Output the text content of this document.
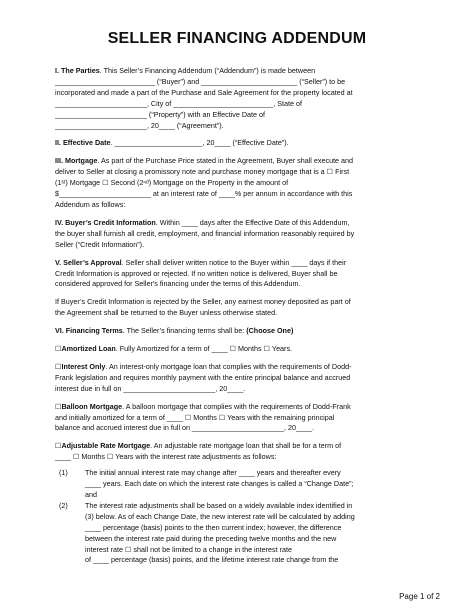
SELLER FINANCING ADDENDUM
I. The Parties. This Seller’s Financing Addendum (“Addendum”) is made between
_________________________ (“Buyer”) and ________________________ (“Seller”) to be
incorporated and made a part of the Purchase and Sale Agreement for the property located at
_______________________, City of _________________________, State of
_______________________ (“Property”) with an Effective Date of
_______________________, 20____ (“Agreement”).
II. Effective Date. ______________________, 20____ (“Effective Date”).
III. Mortgage. As part of the Purchase Price stated in the Agreement, Buyer shall execute and
deliver to Seller at closing a promissory note and purchase money mortgage that is a ☐ First
(1ˢᵗ) Mortgage ☐ Second (2ⁿᵈ) Mortgage on the Property in the amount of
$_______________________ at an interest rate of ____% per annum in accordance with this
Addendum as follows:
IV. Buyer’s Credit Information. Within ____ days after the Effective Date of this Addendum,
the buyer shall furnish all credit, employment, and financial information reasonably required by
Seller (“Credit Information”).
V. Seller’s Approval. Seller shall deliver written notice to the Buyer within ____ days if their
Credit Information is approved or rejected. If no written notice is delivered, Buyer shall be
considered approved for Seller's financing under the terms of this Addendum.
If Buyer’s Credit Information is rejected by the Seller, any earnest money deposited as part of
the Agreement shall be returned to the Buyer unless otherwise stated.
VI. Financing Terms. The Seller’s financing terms shall be: (Choose One)
☐Amortized Loan. Fully Amortized for a term of ____ ☐ Months ☐ Years.
☐Interest Only. An interest-only mortgage loan that complies with the requirements of Dodd-
Frank legislation and requires monthly payment with the entire principal balance and accrued
interest due in full on _______________________, 20____.
☐Balloon Mortgage. A balloon mortgage that complies with the requirements of Dodd-Frank
and initially amortized for a term of ____ ☐ Months ☐ Years with the remaining principal
balance and accrued interest due in full on _______________________, 20____.
☐Adjustable Rate Mortgage. An adjustable rate mortgage loan that shall be for a term of
____ ☐ Months ☐ Years with the interest rate adjustments as follows:
(1) The initial annual interest rate may change after ____ years and thereafter every
____ years. Each date on which the interest rate changes is called a “Change Date”;
and
(2) The interest rate adjustments shall be based on a widely available index identified in
(3) below. As of each Change Date, the new interest rate will be calculated by adding
____ percentage (basis) points to the then current index; however, the difference
between the interest rate paid during the preceding twelve months and the new
interest rate ☐ shall not be limited to a change in the interest rate
of ____ percentage (basis) points, and the lifetime interest rate change from the
Page 1 of 2
